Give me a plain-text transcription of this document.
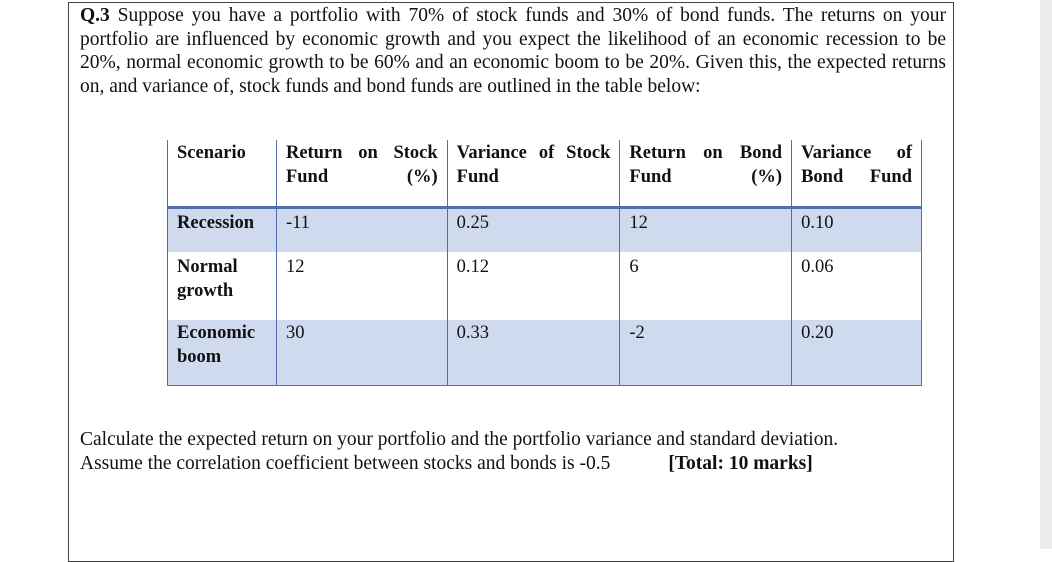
Q.3 Suppose you have a portfolio with 70% of stock funds and 30% of bond funds. The returns on your portfolio are influenced by economic growth and you expect the likelihood of an economic recession to be 20%, normal economic growth to be 60% and an economic boom to be 20%. Given this, the expected returns on, and variance of, stock funds and bond funds are outlined in the table below:

Scenario	Return on Stock Fund (%)	Variance of Stock Fund	Return on Bond Fund (%)	Variance of Bond Fund

Recession	-11	0.25	12	0.10
Normal growth	12	0.12	6	0.06
Economic boom	30	0.33	-2	0.20

Calculate the expected return on your portfolio and the portfolio variance and standard deviation.
Assume the correlation coefficient between stocks and bonds is -0.5	[Total: 10 marks]
